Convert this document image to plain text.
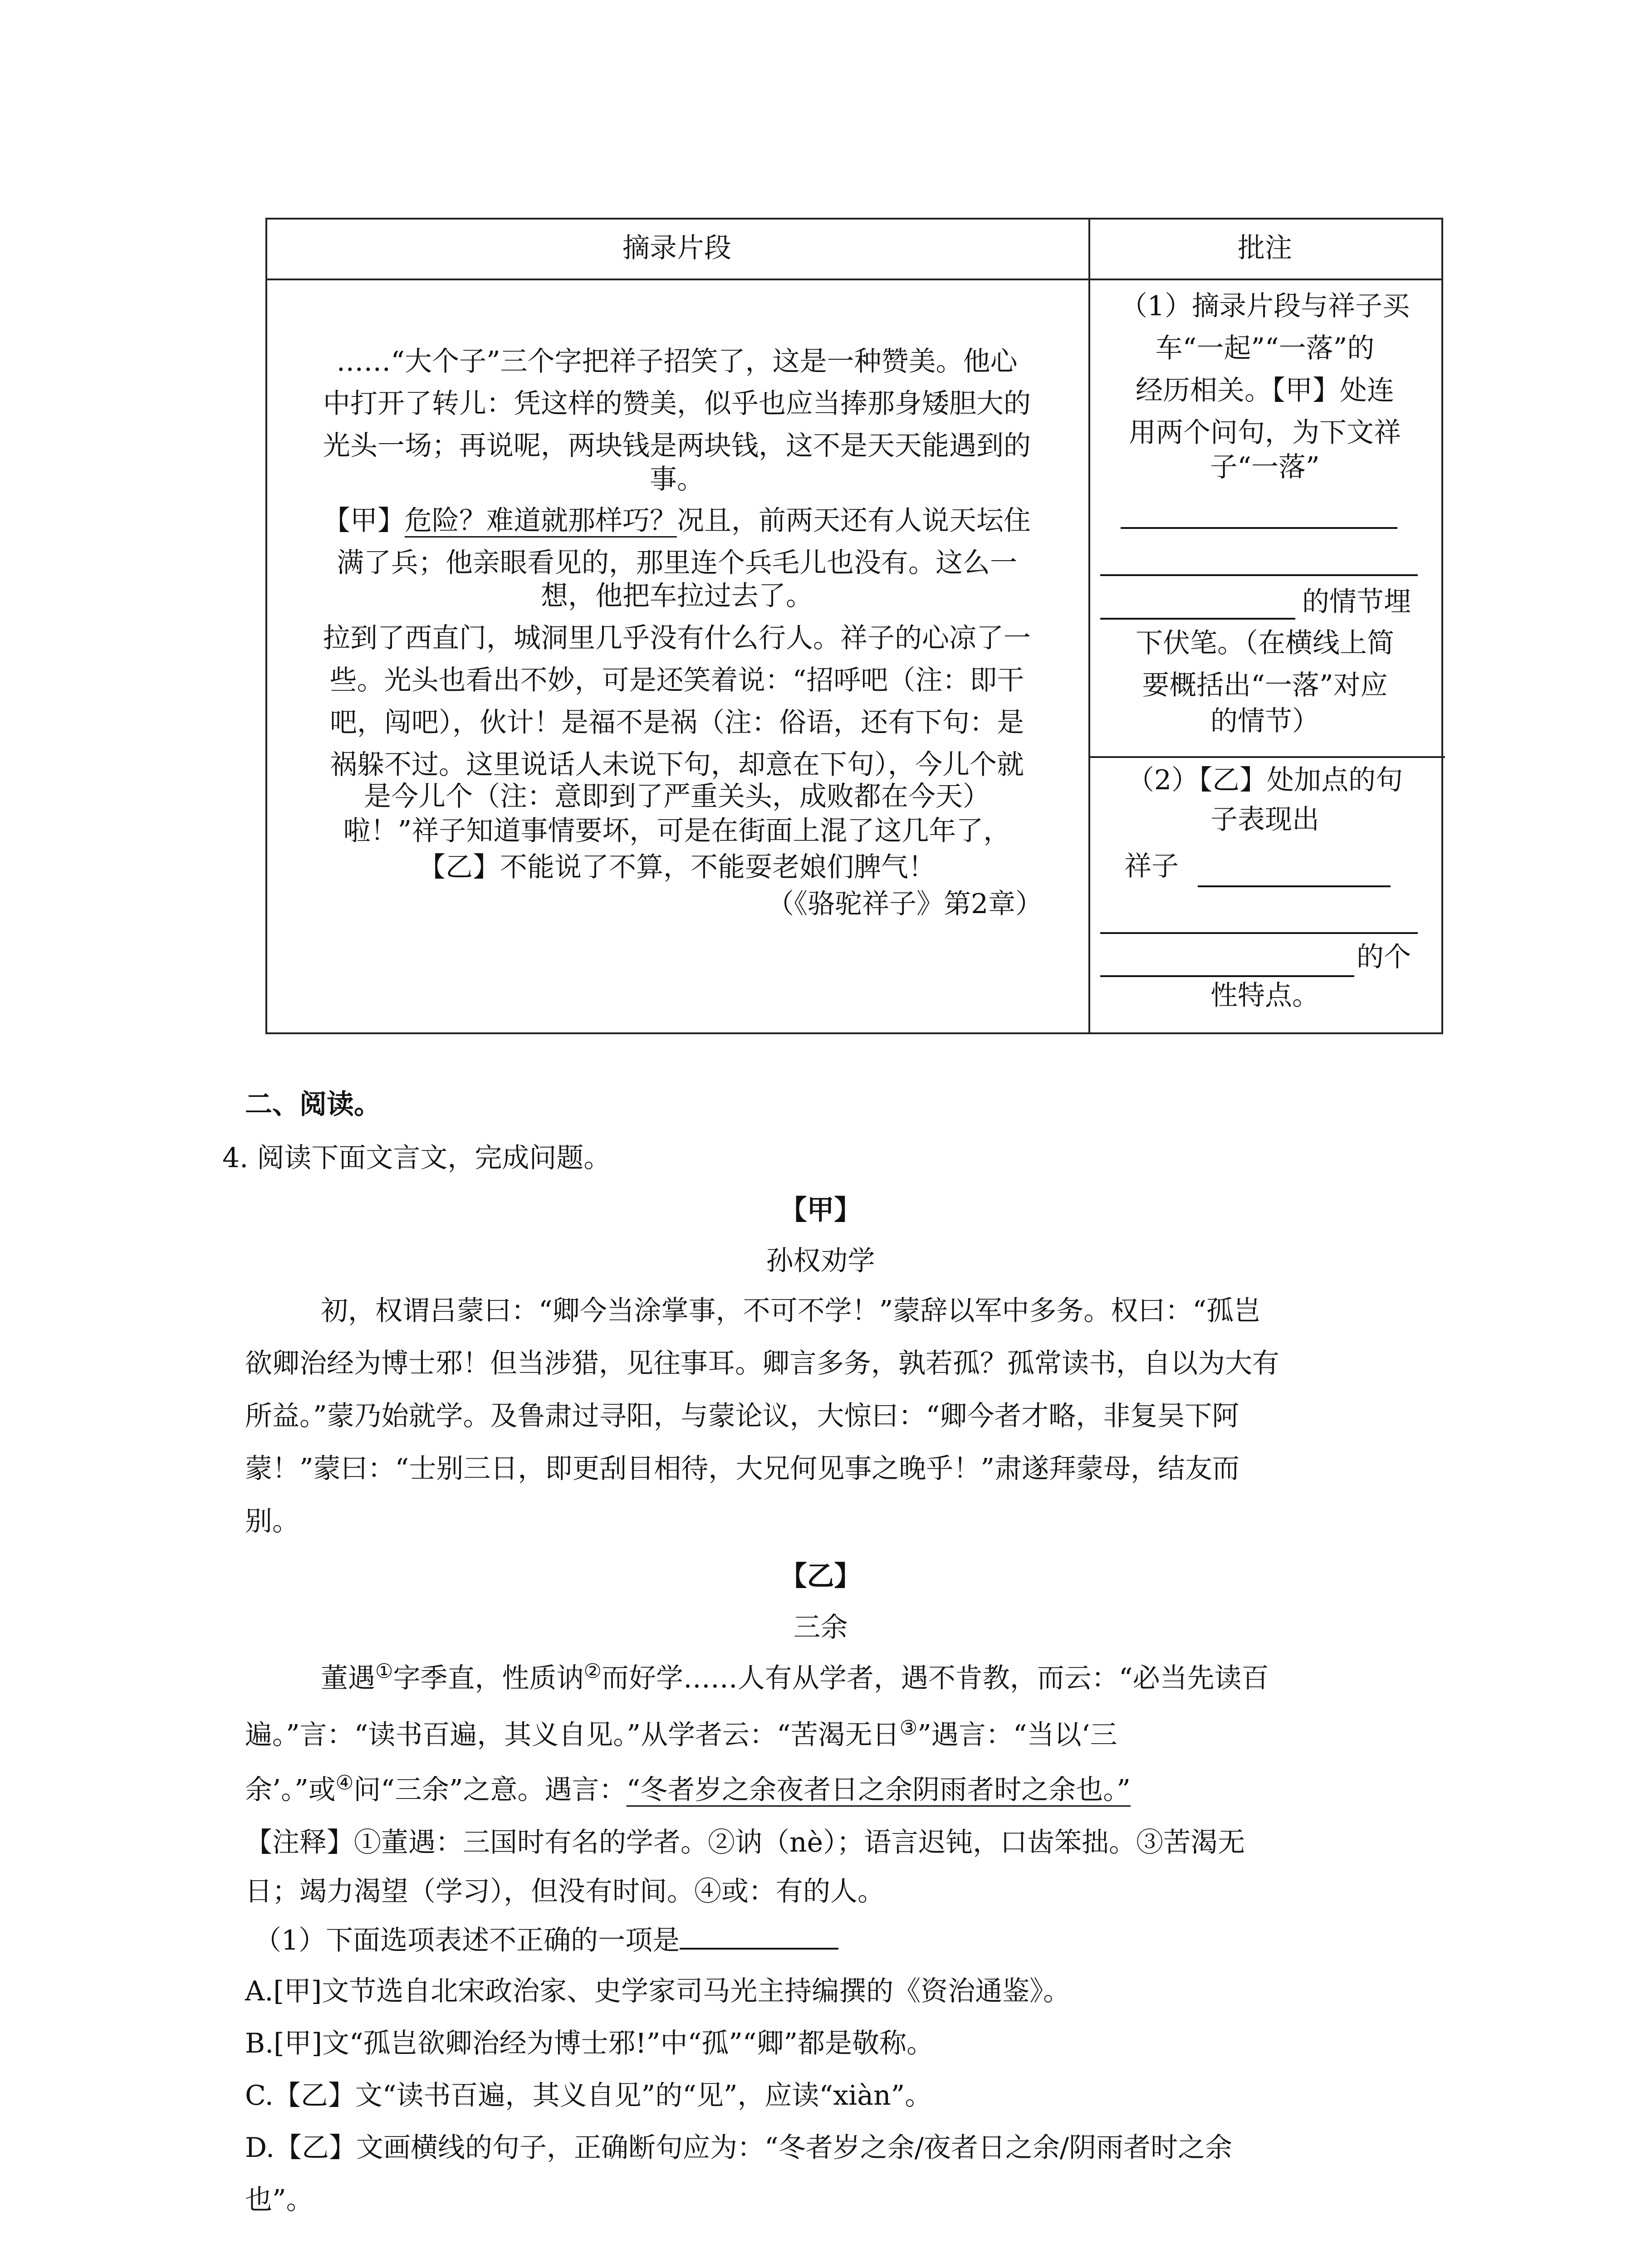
摘录片段	批注
……“大个子”三个字把祥子招笑了，这是一种赞美。他心
中打开了转儿：凭这样的赞美，似乎也应当捧那身矮胆大的
光头一场；再说呢，两块钱是两块钱，这不是天天能遇到的
事。
【甲】危险？难道就那样巧？况且，前两天还有人说天坛住
满了兵；他亲眼看见的，那里连个兵毛儿也没有。这么一
想，他把车拉过去了。
拉到了西直门，城洞里几乎没有什么行人。祥子的心凉了一
些。光头也看出不妙，可是还笑着说：“招呼吧（注：即干
吧，闯吧），伙计！是福不是祸（注：俗语，还有下句：是
祸躲不过。这里说话人未说下句，却意在下句），今儿个就
是今儿个（注：意即到了严重关头，成败都在今天）
啦！”祥子知道事情要坏，可是在街面上混了这几年了，
【乙】不能说了不算，不能耍老娘们脾气！
（《骆驼祥子》第2章）
（1）摘录片段与祥子买
车“一起”“一落”的
经历相关。【甲】处连
用两个问句，为下文祥
子“一落”
的情节埋
下伏笔。（在横线上简
要概括出“一落”对应
的情节）
（2）【乙】处加点的句
子表现出
祥子
的个
性特点。
二、阅读。
4. 阅读下面文言文，完成问题。
【甲】
孙权劝学
初，权谓吕蒙曰：“卿今当涂掌事，不可不学！”蒙辞以军中多务。权曰：“孤岂
欲卿治经为博士邪！但当涉猎，见往事耳。卿言多务，孰若孤？孤常读书，自以为大有
所益。”蒙乃始就学。及鲁肃过寻阳，与蒙论议，大惊曰：“卿今者才略，非复吴下阿
蒙！”蒙曰：“士别三日，即更刮目相待，大兄何见事之晚乎！”肃遂拜蒙母，结友而
别。
【乙】
三余
董遇①字季直，性质讷②而好学……人有从学者，遇不肯教，而云：“必当先读百
遍。”言：“读书百遍，其义自见。”从学者云：“苦渴无日③”遇言：“当以‘三
余’。”或④问“三余”之意。遇言：“冬者岁之余夜者日之余阴雨者时之余也。”
【注释】①董遇：三国时有名的学者。②讷（nè）；语言迟钝，口齿笨拙。③苦渴无
日；竭力渴望（学习），但没有时间。④或：有的人。
（1）下面选项表述不正确的一项是
A.[甲]文节选自北宋政治家、史学家司马光主持编撰的《资治通鉴》。
B.[甲]文“孤岂欲卿治经为博士邪!”中“孤”“卿”都是敬称。
C.【乙】文“读书百遍，其义自见”的“见”，应读“xiàn”。
D.【乙】文画横线的句子，正确断句应为：“冬者岁之余/夜者日之余/阴雨者时之余
也”。
